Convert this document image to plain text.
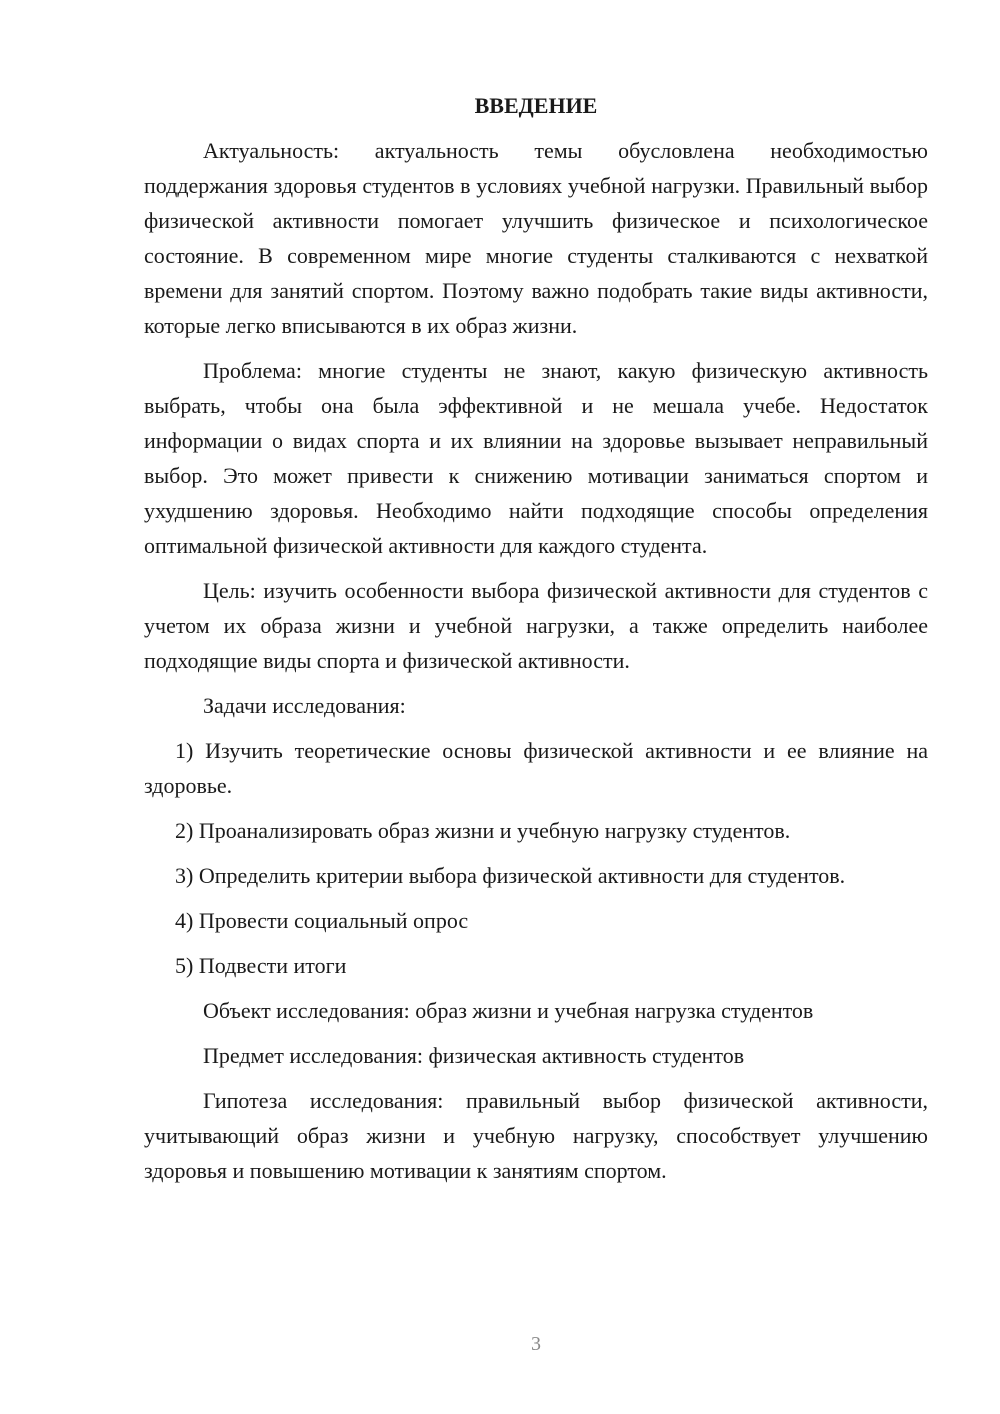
ВВЕДЕНИЕ

Актуальность: актуальность темы обусловлена необходимостью поддержания здоровья студентов в условиях учебной нагрузки. Правильный выбор физической активности помогает улучшить физическое и психологическое состояние. В современном мире многие студенты сталкиваются с нехваткой времени для занятий спортом. Поэтому важно подобрать такие виды активности, которые легко вписываются в их образ жизни.

Проблема: многие студенты не знают, какую физическую активность выбрать, чтобы она была эффективной и не мешала учебе. Недостаток информации о видах спорта и их влиянии на здоровье вызывает неправильный выбор. Это может привести к снижению мотивации заниматься спортом и ухудшению здоровья. Необходимо найти подходящие способы определения оптимальной физической активности для каждого студента.

Цель: изучить особенности выбора физической активности для студентов с учетом их образа жизни и учебной нагрузки, а также определить наиболее подходящие виды спорта и физической активности.

Задачи исследования:

1) Изучить теоретические основы физической активности и ее влияние на здоровье.

2) Проанализировать образ жизни и учебную нагрузку студентов.

3) Определить критерии выбора физической активности для студентов.

4) Провести социальный опрос

5) Подвести итоги

Объект исследования: образ жизни и учебная нагрузка студентов

Предмет исследования: физическая активность студентов

Гипотеза исследования: правильный выбор физической активности, учитывающий образ жизни и учебную нагрузку, способствует улучшению здоровья и повышению мотивации к занятиям спортом.

3
